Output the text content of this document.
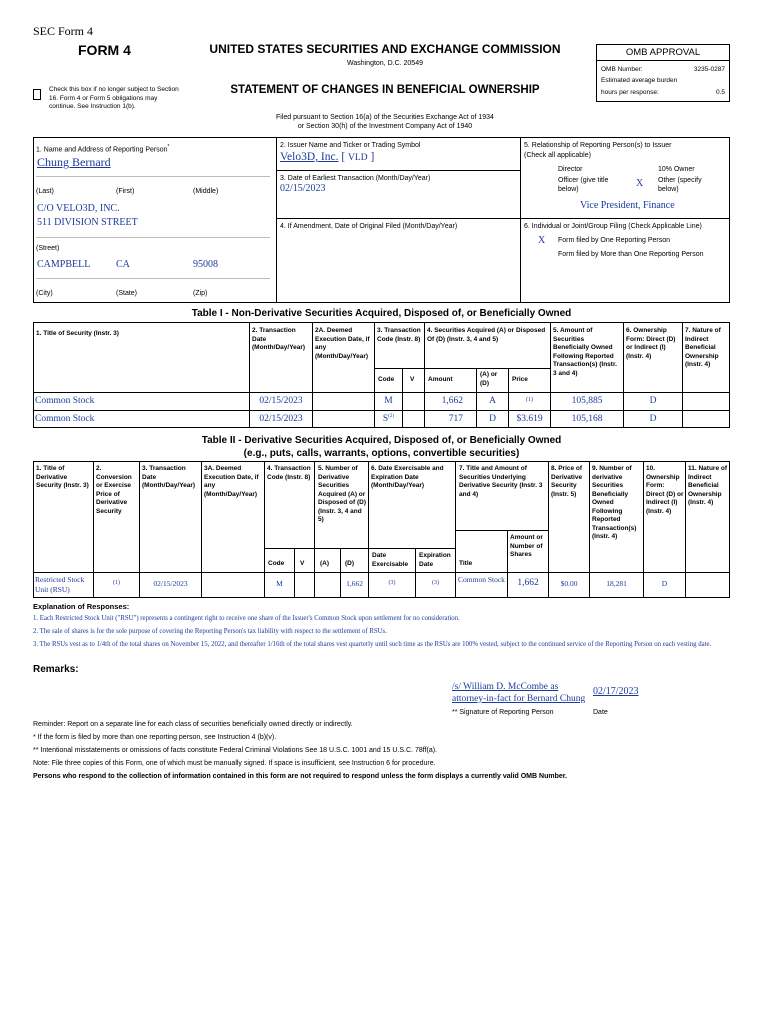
SEC Form 4
FORM 4	UNITED STATES SECURITIES AND EXCHANGE COMMISSION
Washington, D.C. 20549
Check this box if no longer subject to Section 16. Form 4 or Form 5 obligations may continue. See Instruction 1(b).
STATEMENT OF CHANGES IN BENEFICIAL OWNERSHIP
Filed pursuant to Section 16(a) of the Securities Exchange Act of 1934
or Section 30(h) of the Investment Company Act of 1940
OMB APPROVAL
OMB Number:	3235-0287
Estimated average burden
hours per response:	0.5
1. Name and Address of Reporting Person*
Chung Bernard
(Last)	(First)	(Middle)
C/O VELO3D, INC.
511 DIVISION STREET
(Street)
CAMPBELL	CA	95008
(City)	(State)	(Zip)
2. Issuer Name and Ticker or Trading Symbol
Velo3D, Inc. [ VLD ]
3. Date of Earliest Transaction (Month/Day/Year)
02/15/2023
4. If Amendment, Date of Original Filed (Month/Day/Year)
5. Relationship of Reporting Person(s) to Issuer
(Check all applicable)
Director	10% Owner
Officer (give title below)
X Other (specify below)
Vice President, Finance
6. Individual or Joint/Group Filing (Check Applicable Line)
X Form filed by One Reporting Person
Form filed by More than One Reporting Person
Table I - Non-Derivative Securities Acquired, Disposed of, or Beneficially Owned
1. Title of Security (Instr. 3)	2. Transaction Date (Month/Day/Year)
2A. Deemed Execution Date, if any (Month/Day/Year)
3. Transaction Code (Instr. 8)
4. Securities Acquired (A) or Disposed Of (D) (Instr. 3, 4 and 5)
5. Amount of Securities Beneficially Owned Following Reported Transaction(s) (Instr. 3 and 4)
6. Ownership Form: Direct (D) or Indirect (I) (Instr. 4)
7. Nature of Indirect Beneficial Ownership (Instr. 4)
Code V Amount
(A) or (D)	Price
Common Stock	02/15/2023	M	1,662	A	(1)	105,885	D
Common Stock	02/15/2023	$S^{(2)}$	717	D	$3.619	105,168	D
Table II - Derivative Securities Acquired, Disposed of, or Beneficially Owned
(e.g., puts, calls, warrants, options, convertible securities)
1. Title of Derivative Security (Instr. 3)
2. Conversion or Exercise Price of Derivative Security
3. Transaction Date (Month/Day/Year)
3A. Deemed Execution Date, if any (Month/Day/Year)
4. Transaction Code (Instr. 8)
5. Number of Derivative Securities Acquired (A) or Disposed of (D) (Instr. 3, 4 and 5)
6. Date Exercisable and Expiration Date (Month/Day/Year)
7. Title and Amount of Securities Underlying Derivative Security (Instr. 3 and 4)
8. Price of Derivative Security (Instr. 5)
9. Number of derivative Securities Beneficially Owned Following Reported Transaction(s) (Instr. 4)
10. Ownership Form: Direct (D) or Indirect (I) (Instr. 4)
11. Nature of Indirect Beneficial Ownership (Instr. 4)
Code V (A) (D)
Date Exercisable
Expiration Date	Title
Amount or Number of Shares
Restricted Stock Unit (RSU)
(1)	02/15/2023	M	1,662	(3)	(3)	Common Stock	1,662	$0.00	18,281	D
Explanation of Responses:
1. Each Restricted Stock Unit ("RSU") represents a contingent right to receive one share of the Issuer's Common Stock upon settlement for no consideration.
2. The sale of shares is for the sole purpose of covering the Reporting Person's tax liability with respect to the settlement of RSUs.
3. The RSUs vest as to 1/4th of the total shares on November 15, 2022, and thereafter 1/16th of the total shares vest quarterly until such time as the RSUs are 100% vested, subject to the continued service of the Reporting Person on each vesting date.
Remarks:
/s/ William D. McCombe as
attorney-in-fact for Bernard Chung
02/17/2023
** Signature of Reporting Person	Date
Reminder: Report on a separate line for each class of securities beneficially owned directly or indirectly.
* If the form is filed by more than one reporting person, see Instruction 4 (b)(v).
** Intentional misstatements or omissions of facts constitute Federal Criminal Violations See 18 U.S.C. 1001 and 15 U.S.C. 78ff(a).
Note: File three copies of this Form, one of which must be manually signed. If space is insufficient, see Instruction 6 for procedure.
Persons who respond to the collection of information contained in this form are not required to respond unless the form displays a currently valid OMB Number.
